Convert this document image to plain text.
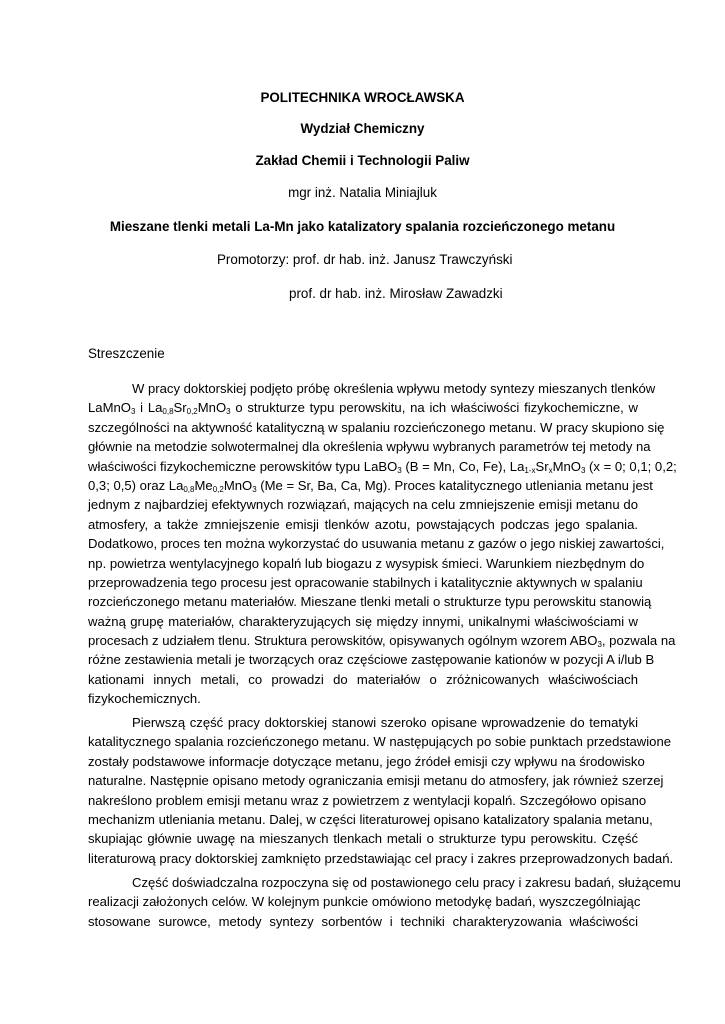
POLITECHNIKA WROCŁAWSKA
Wydział Chemiczny
Zakład Chemii i Technologii Paliw
mgr inż. Natalia Miniajluk
Mieszane tlenki metali La-Mn jako katalizatory spalania rozcieńczonego metanu
Promotorzy: prof. dr hab. inż. Janusz Trawczyński
prof. dr hab. inż. Mirosław Zawadzki
Streszczenie
W pracy doktorskiej podjęto próbę określenia wpływu metody syntezy mieszanych tlenków
LaMnO$_3$ i $La_{0,8}Sr_{0,2}MnO_3$ o strukturze typu perowskitu, na ich właściwości fizykochemiczne, w
szczególności na aktywność katalityczną w spalaniu rozcieńczonego metanu. W pracy skupiono się
głównie na metodzie solwotermalnej dla określenia wpływu wybranych parametrów tej metody na
właściwości fizykochemiczne perowskitów typu LaBO$_3$ (B = Mn, Co, Fe), $La_{1-x}Sr_xMnO_3$ (x = 0; 0,1; 0,2;
0,3; 0,5) oraz $La_{0,8}Me_{0,2}MnO_3$ (Me = Sr, Ba, Ca, Mg). Proces katalitycznego utleniania metanu jest
jednym z najbardziej efektywnych rozwiązań, mających na celu zmniejszenie emisji metanu do
atmosfery, a także zmniejszenie emisji tlenków azotu, powstających podczas jego spalania.
Dodatkowo, proces ten można wykorzystać do usuwania metanu z gazów o jego niskiej zawartości,
np. powietrza wentylacyjnego kopalń lub biogazu z wysypisk śmieci. Warunkiem niezbędnym do
przeprowadzenia tego procesu jest opracowanie stabilnych i katalitycznie aktywnych w spalaniu
rozcieńczonego metanu materiałów. Mieszane tlenki metali o strukturze typu perowskitu stanowią
ważną grupę materiałów, charakteryzujących się między innymi, unikalnymi właściwościami w
procesach z udziałem tlenu. Struktura perowskitów, opisywanych ogólnym wzorem $ABO_3$, pozwala na
różne zestawienia metali je tworzących oraz częściowe zastępowanie kationów w pozycji A i/lub B
kationami innych metali, co prowadzi do materiałów o zróżnicowanych właściwościach
fizykochemicznych.
Pierwszą część pracy doktorskiej stanowi szeroko opisane wprowadzenie do tematyki
katalitycznego spalania rozcieńczonego metanu. W następujących po sobie punktach przedstawione
zostały podstawowe informacje dotyczące metanu, jego źródeł emisji czy wpływu na środowisko
naturalne. Następnie opisano metody ograniczania emisji metanu do atmosfery, jak również szerzej
nakreślono problem emisji metanu wraz z powietrzem z wentylacji kopalń. Szczegółowo opisano
mechanizm utleniania metanu. Dalej, w części literaturowej opisano katalizatory spalania metanu,
skupiając głównie uwagę na mieszanych tlenkach metali o strukturze typu perowskitu. Część
literaturową pracy doktorskiej zamknięto przedstawiając cel pracy i zakres przeprowadzonych badań.
Część doświadczalna rozpoczyna się od postawionego celu pracy i zakresu badań, służącemu
realizacji założonych celów. W kolejnym punkcie omówiono metodykę badań, wyszczególniając
stosowane surowce, metody syntezy sorbentów i techniki charakteryzowania właściwości
